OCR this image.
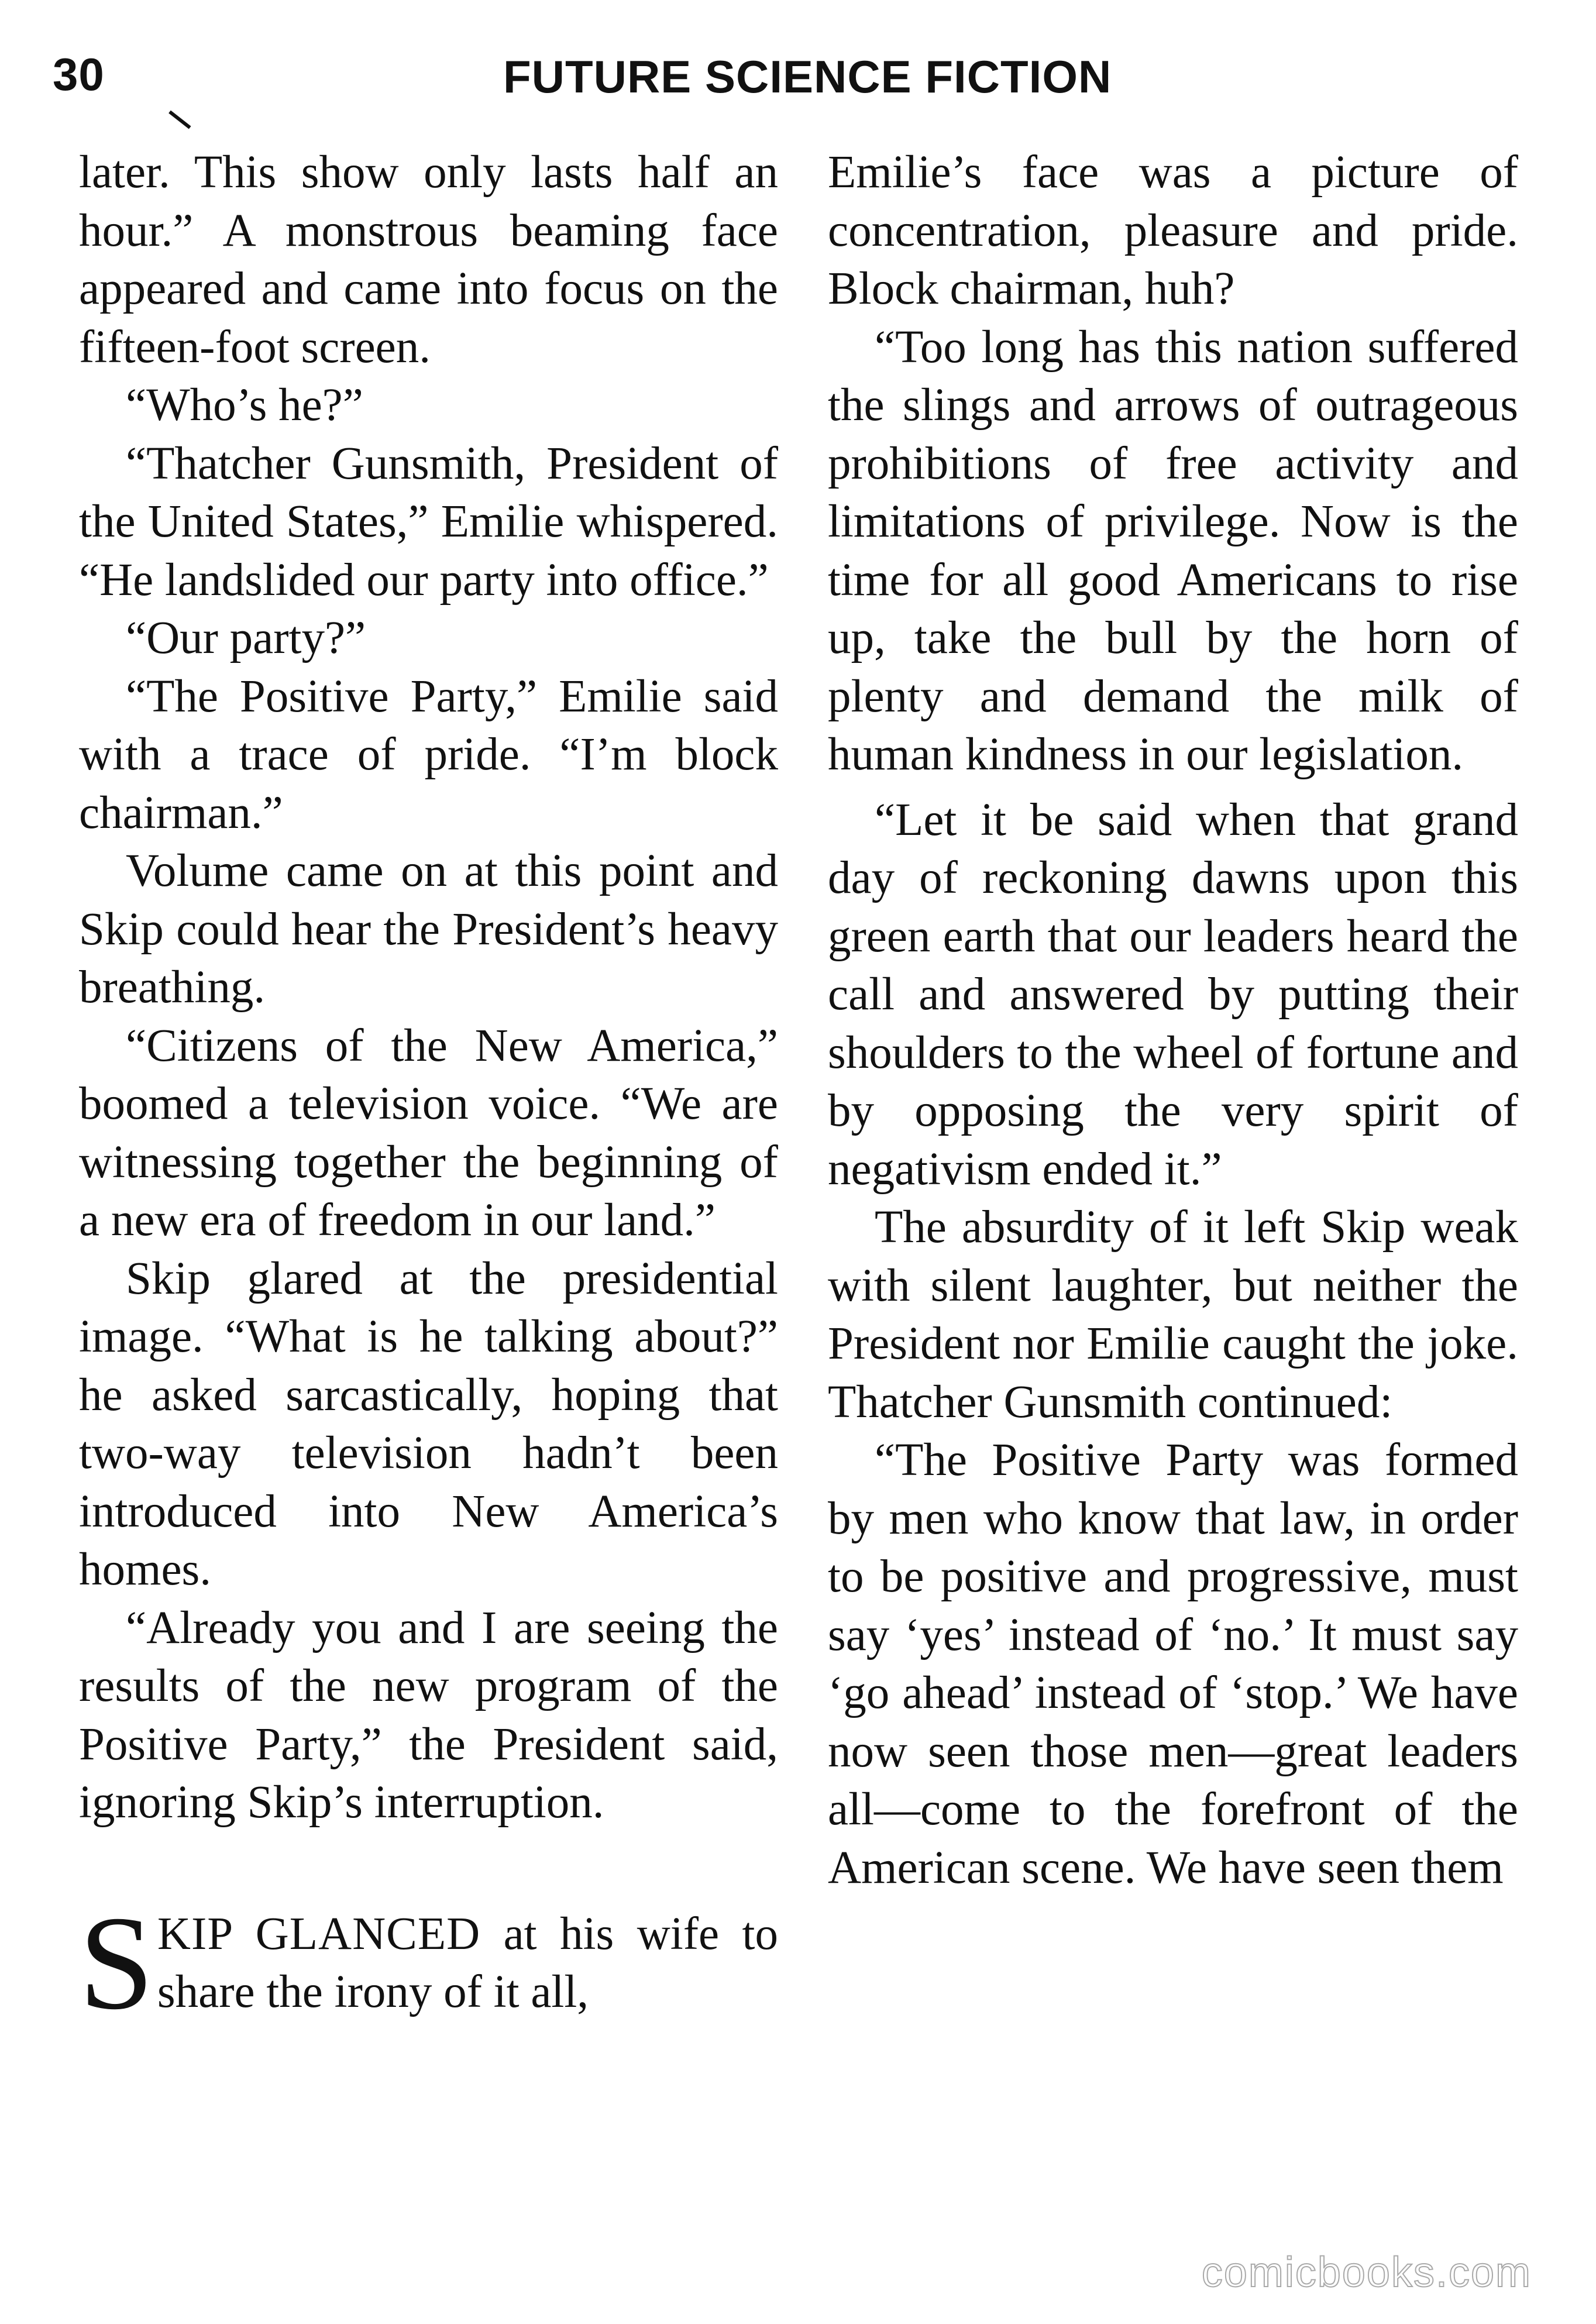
30	FUTURE SCIENCE FICTION

later. This show only lasts half an hour.” A monstrous beaming face appeared and came into focus on the fifteen-foot screen.

“Who’s he?”

“Thatcher Gunsmith, President of the United States,” Emilie whispered. “He landslided our party into office.”

“Our party?”

“The Positive Party,” Emilie said with a trace of pride. “I’m block chairman.”

Volume came on at this point and Skip could hear the President’s heavy breathing.

“Citizens of the New America,” boomed a television voice. “We are witnessing together the beginning of a new era of freedom in our land.”

Skip glared at the presidential image. “What is he talking about?” he asked sarcastically, hoping that two-way television hadn’t been introduced into New America’s homes.

“Already you and I are seeing the results of the new program of the Positive Party,” the President said, ignoring Skip’s interruption.

SKIP GLANCED at his wife to share the irony of it all,

Emilie’s face was a picture of concentration, pleasure and pride. Block chairman, huh?

“Too long has this nation suffered the slings and arrows of outrageous prohibitions of free activity and limitations of privilege. Now is the time for all good Americans to rise up, take the bull by the horn of plenty and demand the milk of human kindness in our legislation.

“Let it be said when that grand day of reckoning dawns upon this green earth that our leaders heard the call and answered by putting their shoulders to the wheel of fortune and by opposing the very spirit of negativism ended it.”

The absurdity of it left Skip weak with silent laughter, but neither the President nor Emilie caught the joke. Thatcher Gunsmith continued:

“The Positive Party was formed by men who know that law, in order to be positive and progressive, must say ‘yes’ instead of ‘no.’ It must say ‘go ahead’ instead of ‘stop.’ We have now seen those men—great leaders all—come to the forefront of the American scene. We have seen them

comicbooks.com
